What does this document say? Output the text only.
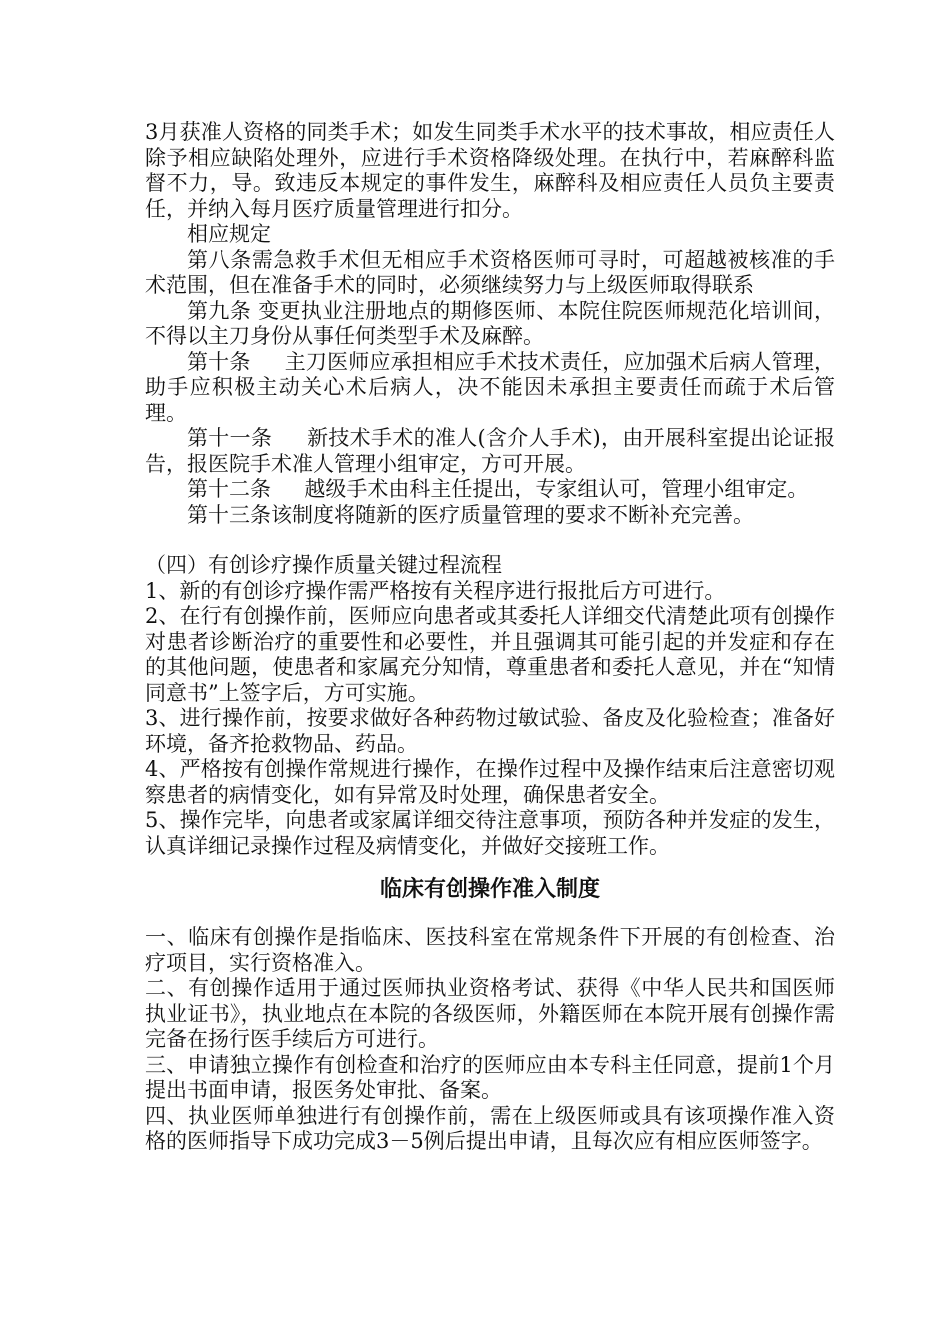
3月获准人资格的同类手术；如发生同类手术水平的技术事故，相应责任人除予相应缺陷处理外，应进行手术资格降级处理。在执行中，若麻醉科监督不力，导。致违反本规定的事件发生，麻醉科及相应责任人员负主要责任，并纳入每月医疗质量管理进行扣分。

相应规定

第八条需急救手术但无相应手术资格医师可寻时，可超越被核准的手术范围，但在准备手术的同时，必须继续努力与上级医师取得联系

第九条 变更执业注册地点的期修医师、本院住院医师规范化培训间，不得以主刀身份从事任何类型手术及麻醉。

第十条     主刀医师应承担相应手术技术责任，应加强术后病人管理，助手应积极主动关心术后病人，决不能因未承担主要责任而疏于术后管理。

第十一条     新技术手术的准人(含介人手术)，由开展科室提出论证报告，报医院手术准人管理小组审定，方可开展。

第十二条     越级手术由科主任提出，专家组认可，管理小组审定。

第十三条该制度将随新的医疗质量管理的要求不断补充完善。

（四）有创诊疗操作质量关键过程流程

1、新的有创诊疗操作需严格按有关程序进行报批后方可进行。

2、在行有创操作前，医师应向患者或其委托人详细交代清楚此项有创操作对患者诊断治疗的重要性和必要性，并且强调其可能引起的并发症和存在的其他问题，使患者和家属充分知情，尊重患者和委托人意见，并在“知情同意书”上签字后，方可实施。

3、进行操作前，按要求做好各种药物过敏试验、备皮及化验检查；准备好环境，备齐抢救物品、药品。

4、严格按有创操作常规进行操作，在操作过程中及操作结束后注意密切观察患者的病情变化，如有异常及时处理，确保患者安全。

5、操作完毕，向患者或家属详细交待注意事项，预防各种并发症的发生，认真详细记录操作过程及病情变化，并做好交接班工作。

临床有创操作准入制度

一、临床有创操作是指临床、医技科室在常规条件下开展的有创检查、治疗项目，实行资格准入。

二、有创操作适用于通过医师执业资格考试、获得《中华人民共和国医师执业证书》，执业地点在本院的各级医师，外籍医师在本院开展有创操作需完备在扬行医手续后方可进行。

三、申请独立操作有创检查和治疗的医师应由本专科主任同意，提前1个月提出书面申请，报医务处审批、备案。

四、执业医师单独进行有创操作前，需在上级医师或具有该项操作准入资格的医师指导下成功完成3－5例后提出申请，且每次应有相应医师签字。
